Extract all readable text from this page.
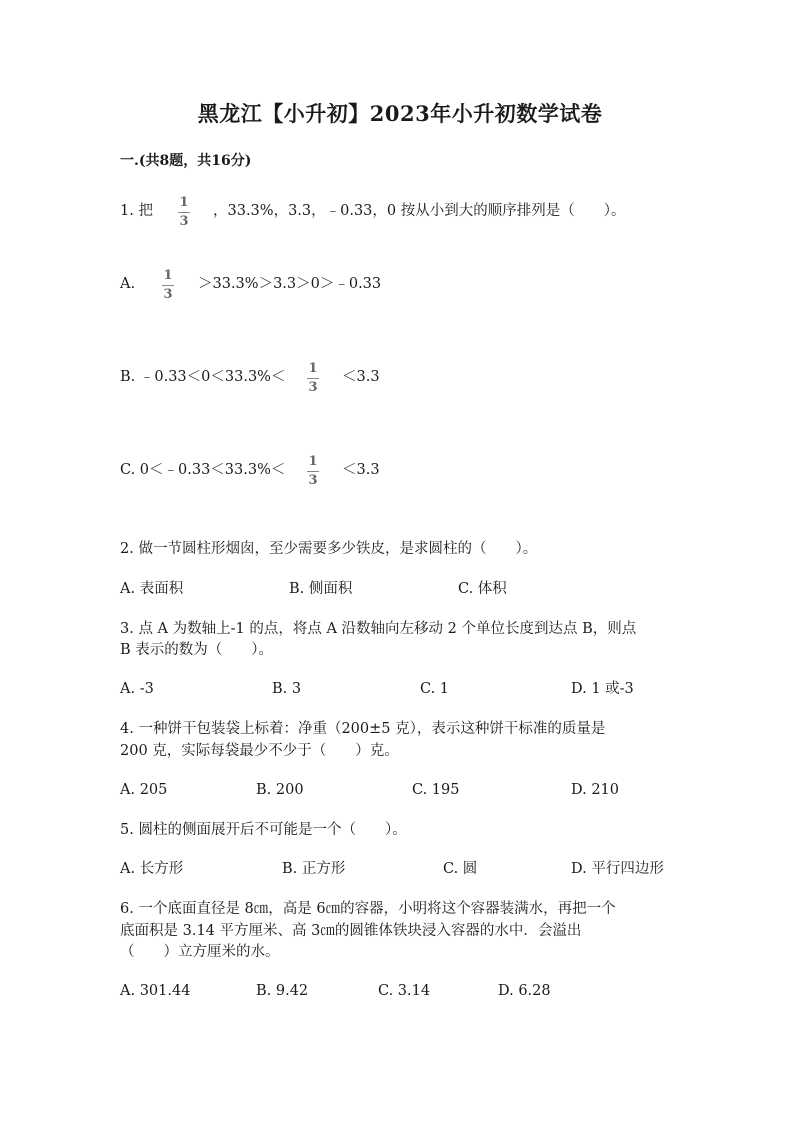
黑龙江【小升初】2023年小升初数学试卷
一.(共8题，共16分)
1. 把
1
3
，33.3%，3.3，﹣0.33，0 按从小到大的顺序排列是（　　）。
A.
1
3
＞33.3%＞3.3＞0＞﹣0.33
B. ﹣0.33＜0＜33.3%＜
1
3
＜3.3
C. 0＜﹣0.33＜33.3%＜
1
3
＜3.3
2. 做一节圆柱形烟囱，至少需要多少铁皮，是求圆柱的（　　）。
A. 表面积	B. 侧面积	C. 体积
3. 点 A 为数轴上-1 的点，将点 A 沿数轴向左移动 2 个单位长度到达点 B，则点
B 表示的数为（　　）。
A. -3	B. 3	C. 1	D. 1 或-3
4. 一种饼干包装袋上标着：净重（200±5 克），表示这种饼干标准的质量是
200 克，实际每袋最少不少于（　　）克。
A. 205	B. 200	C. 195	D. 210
5. 圆柱的侧面展开后不可能是一个（　　）。
A. 长方形	B. 正方形	C. 圆	D. 平行四边形
6. 一个底面直径是 8㎝，高是 6㎝的容器，小明将这个容器装满水，再把一个
底面积是 3.14 平方厘米、高 3㎝的圆锥体铁块浸入容器的水中．会溢出
（　　）立方厘米的水。
A. 301.44	B. 9.42	C. 3.14	D. 6.28
